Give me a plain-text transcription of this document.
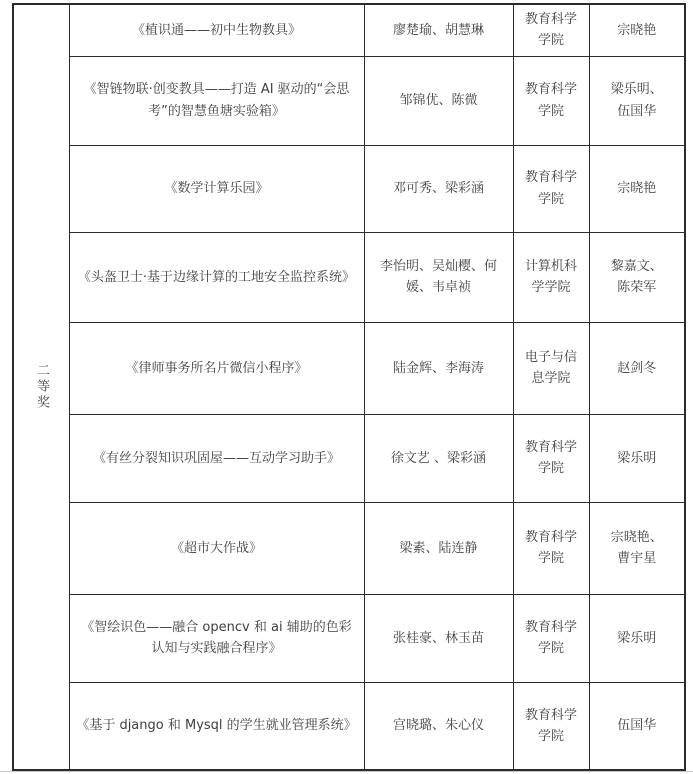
二等奖	《植识通——初中生物教具》	廖楚瑜、胡慧琳	教育科学学院	宗晓艳
	《智链物联·创变教具——打造 AI 驱动的“会思考”的智慧鱼塘实验箱》	邹锦优、陈微	教育科学学院	梁乐明、伍国华
	《数学计算乐园》	邓可秀、梁彩涵	教育科学学院	宗晓艳
	《头盔卫士·基于边缘计算的工地安全监控系统》	李怡明、吴灿樱、何媛、韦卓祯	计算机科学学院	黎嘉文、陈荣军
	《律师事务所名片微信小程序》	陆金辉、李海涛	电子与信息学院	赵剑冬
	《有丝分裂知识巩固屋——互动学习助手》	徐文艺 、梁彩涵	教育科学学院	梁乐明
	《超市大作战》	梁素、陆连静	教育科学学院	宗晓艳、曹宇星
	《智绘识色——融合 opencv 和 ai 辅助的色彩认知与实践融合程序》	张桂豪、林玉苗	教育科学学院	梁乐明
	《基于 django 和 Mysql 的学生就业管理系统》	宫晓璐、朱心仪	教育科学学院	伍国华
